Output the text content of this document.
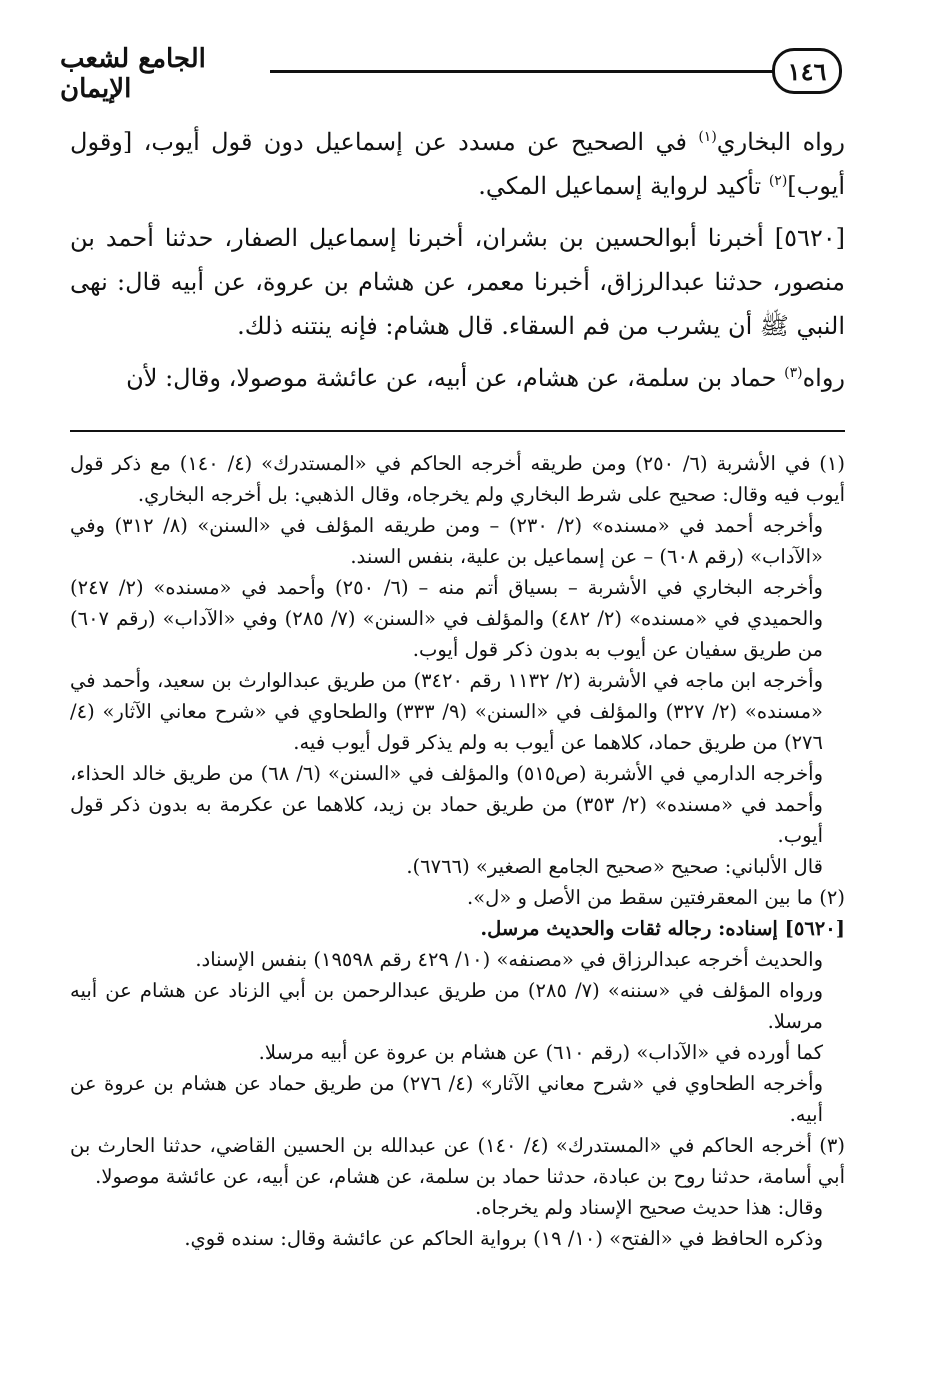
١٤٦
الجامع لشعب الإيمان

رواه البخاري$^{(١)}$ في الصحيح عن مسدد عن إسماعيل دون قول أيوب، [وقول أيوب]$^{(٢)}$ تأكيد لرواية إسماعيل المكي.

[٥٦٢٠] أخبرنا أبوالحسين بن بشران، أخبرنا إسماعيل الصفار، حدثنا أحمد بن منصور، حدثنا عبدالرزاق، أخبرنا معمر، عن هشام بن عروة، عن أبيه قال: نهى النبي ﷺ أن يشرب من فم السقاء. قال هشام: فإنه ينتنه ذلك.

رواه$^{(٣)}$ حماد بن سلمة، عن هشام، عن أبيه، عن عائشة موصولا، وقال: لأن

(١) في الأشربة (٦/ ٢٥٠) ومن طريقه أخرجه الحاكم في «المستدرك» (٤/ ١٤٠) مع ذكر قول أيوب فيه وقال: صحيح على شرط البخاري ولم يخرجاه، وقال الذهبي: بل أخرجه البخاري.

وأخرجه أحمد في «مسنده» (٢/ ٢٣٠) – ومن طريقه المؤلف في «السنن» (٨/ ٣١٢) وفي «الآداب» (رقم ٦٠٨) – عن إسماعيل بن علية، بنفس السند.

وأخرجه البخاري في الأشربة – بسياق أتم منه – (٦/ ٢٥٠) وأحمد في «مسنده» (٢/ ٢٤٧) والحميدي في «مسنده» (٢/ ٤٨٢) والمؤلف في «السنن» (٧/ ٢٨٥) وفي «الآداب» (رقم ٦٠٧) من طريق سفيان عن أيوب به بدون ذكر قول أيوب.

وأخرجه ابن ماجه في الأشربة (٢/ ١١٣٢ رقم ٣٤٢٠) من طريق عبدالوارث بن سعيد، وأحمد في «مسنده» (٢/ ٣٢٧) والمؤلف في «السنن» (٩/ ٣٣٣) والطحاوي في «شرح معاني الآثار» (٤/ ٢٧٦) من طريق حماد، كلاهما عن أيوب به ولم يذكر قول أيوب فيه.

وأخرجه الدارمي في الأشربة (ص٥١٥) والمؤلف في «السنن» (٦/ ٦٨) من طريق خالد الحذاء، وأحمد في «مسنده» (٢/ ٣٥٣) من طريق حماد بن زيد، كلاهما عن عكرمة به بدون ذكر قول أيوب.

قال الألباني: صحيح «صحيح الجامع الصغير» (٦٧٦٦).

(٢) ما بين المعقرفتين سقط من الأصل و «ل».

[٥٦٢٠] إسناده: رجاله ثقات والحديث مرسل.

والحديث أخرجه عبدالرزاق في «مصنفه» (١٠/ ٤٢٩ رقم ١٩٥٩٨) بنفس الإسناد.

ورواه المؤلف في «سننه» (٧/ ٢٨٥) من طريق عبدالرحمن بن أبي الزناد عن هشام عن أبيه مرسلا.

كما أورده في «الآداب» (رقم ٦١٠) عن هشام بن عروة عن أبيه مرسلا.

وأخرجه الطحاوي في «شرح معاني الآثار» (٤/ ٢٧٦) من طريق حماد عن هشام بن عروة عن أبيه.

(٣) أخرجه الحاكم في «المستدرك» (٤/ ١٤٠) عن عبدالله بن الحسين القاضي، حدثنا الحارث بن أبي أسامة، حدثنا روح بن عبادة، حدثنا حماد بن سلمة، عن هشام، عن أبيه، عن عائشة موصولا.

وقال: هذا حديث صحيح الإسناد ولم يخرجاه.

وذكره الحافظ في «الفتح» (١٠/ ١٩) برواية الحاكم عن عائشة وقال: سنده قوي.
